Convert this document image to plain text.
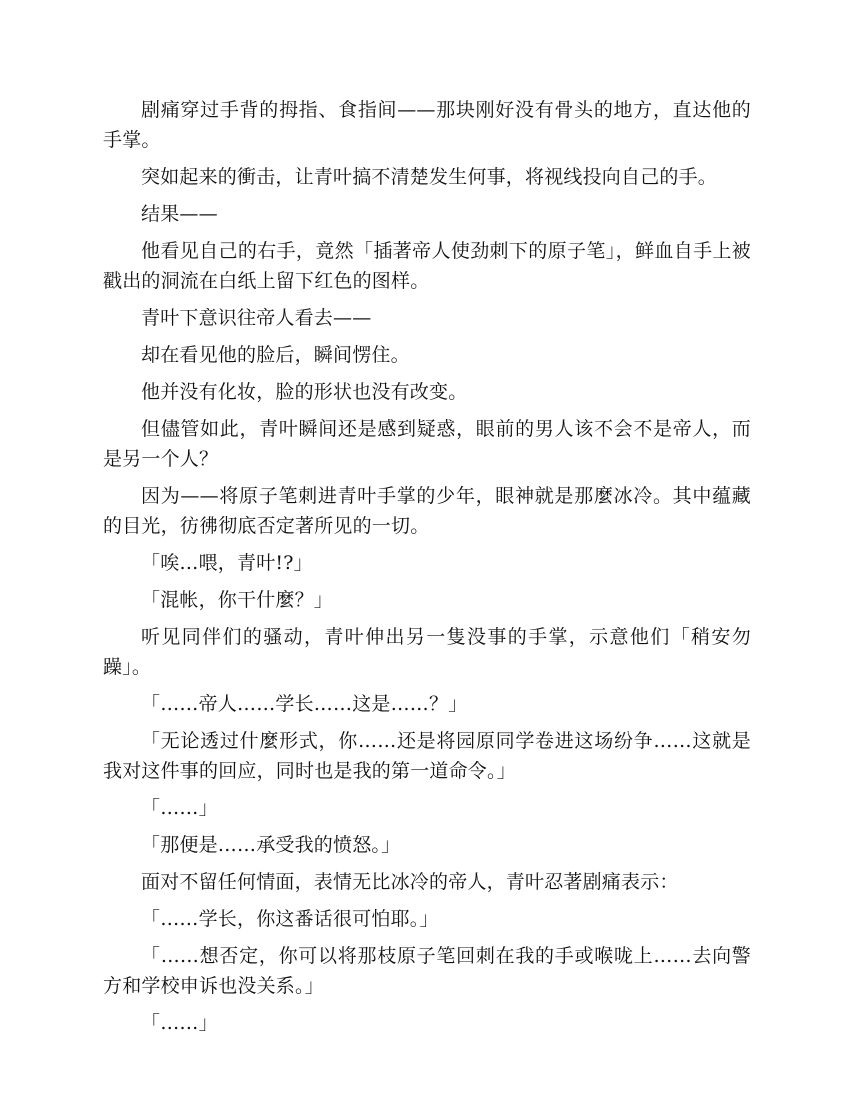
剧痛穿过手背的拇指、食指间——那块刚好没有骨头的地方，直达他的手掌。

突如起来的衝击，让青叶搞不清楚发生何事，将视线投向自己的手。

结果——

他看见自己的右手，竟然「插著帝人使劲刺下的原子笔」，鲜血自手上被戳出的洞流在白纸上留下红色的图样。

青叶下意识往帝人看去——

却在看见他的脸后，瞬间愣住。

他并没有化妆，脸的形状也没有改变。

但儘管如此，青叶瞬间还是感到疑惑，眼前的男人该不会不是帝人，而是另一个人？

因为——将原子笔刺进青叶手掌的少年，眼神就是那麼冰冷。其中蕴藏的目光，彷彿彻底否定著所见的一切。

「唉…喂，青叶!?」

「混帐，你干什麼？」

听见同伴们的骚动，青叶伸出另一隻没事的手掌，示意他们「稍安勿躁」。

「……帝人……学长……这是……？」

「无论透过什麼形式，你……还是将园原同学卷进这场纷争……这就是我对这件事的回应，同时也是我的第一道命令。」

「……」

「那便是……承受我的愤怒。」

面对不留任何情面，表情无比冰冷的帝人，青叶忍著剧痛表示：

「……学长，你这番话很可怕耶。」

「……想否定，你可以将那枝原子笔回刺在我的手或喉咙上……去向警方和学校申诉也没关系。」

「……」
